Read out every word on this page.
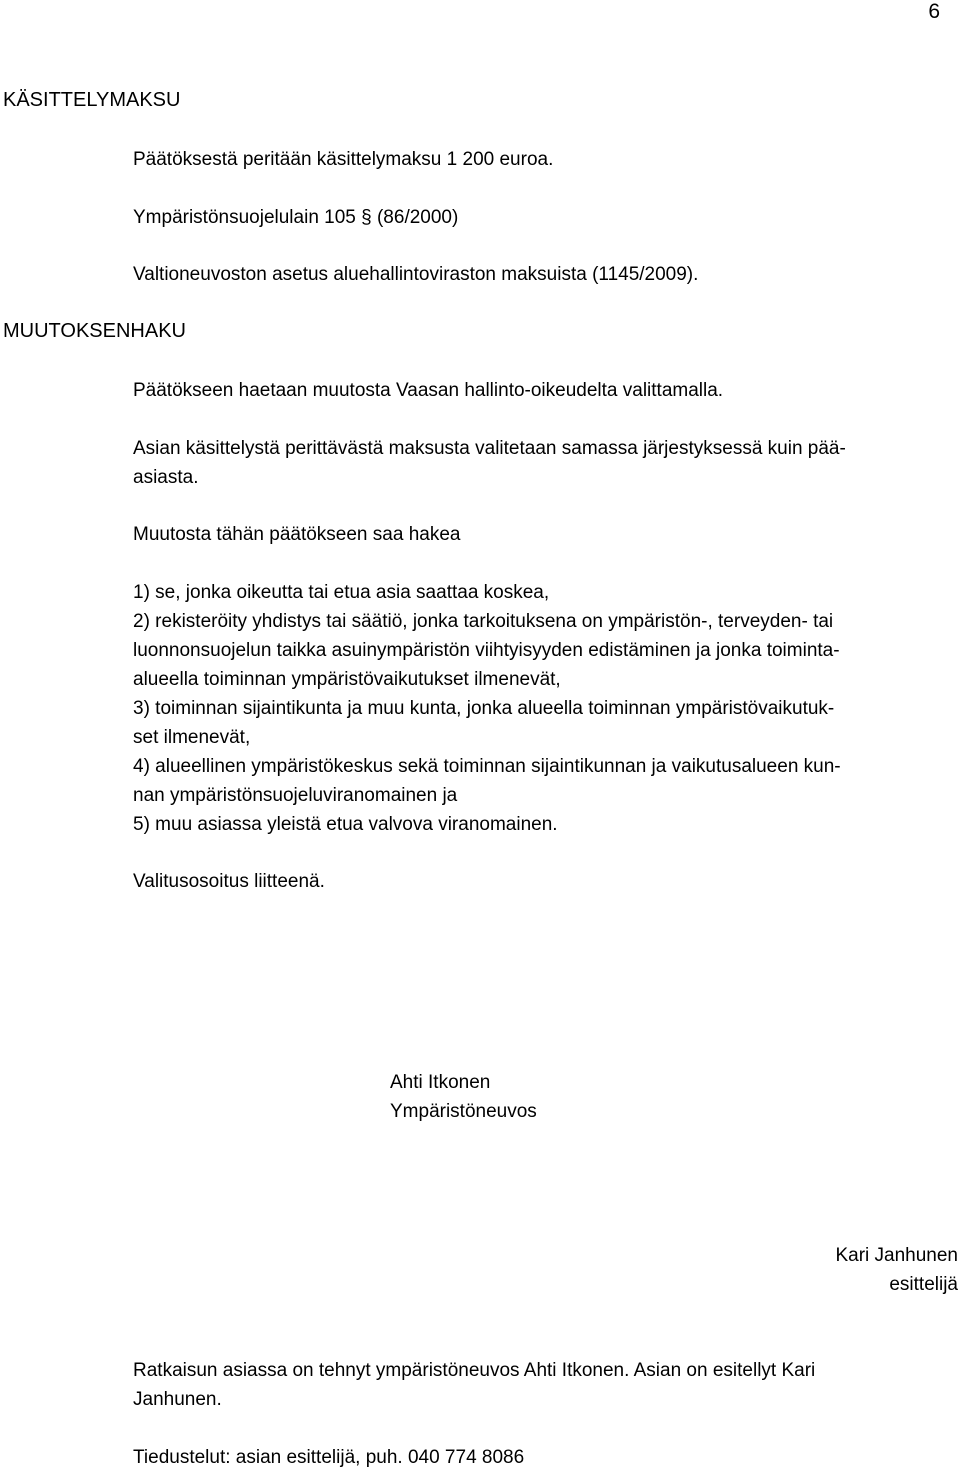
6

KÄSITTELYMAKSU

Päätöksestä peritään käsittelymaksu 1 200 euroa.

Ympäristönsuojelulain 105 § (86/2000)

Valtioneuvoston asetus aluehallintoviraston maksuista (1145/2009).

MUUTOKSENHAKU

Päätökseen haetaan muutosta Vaasan hallinto-oikeudelta valittamalla.

Asian käsittelystä perittävästä maksusta valitetaan samassa järjestyksessä kuin pää-
asiasta.

Muutosta tähän päätökseen saa hakea

1) se, jonka oikeutta tai etua asia saattaa koskea,
2) rekisteröity yhdistys tai säätiö, jonka tarkoituksena on ympäristön-, terveyden- tai
luonnonsuojelun taikka asuinympäristön viihtyisyyden edistäminen ja jonka toiminta-
alueella toiminnan ympäristövaikutukset ilmenevät,
3) toiminnan sijaintikunta ja muu kunta, jonka alueella toiminnan ympäristövaikutuk-
set ilmenevät,
4) alueellinen ympäristökeskus sekä toiminnan sijaintikunnan ja vaikutusalueen kun-
nan ympäristönsuojeluviranomainen ja
5) muu asiassa yleistä etua valvova viranomainen.

Valitusosoitus liitteenä.

Ahti Itkonen

Ympäristöneuvos

Kari Janhunen
esittelijä
Ratkaisun asiassa on tehnyt ympäristöneuvos Ahti Itkonen. Asian on esitellyt Kari
Janhunen.

Tiedustelut: asian esittelijä, puh. 040 774 8086
